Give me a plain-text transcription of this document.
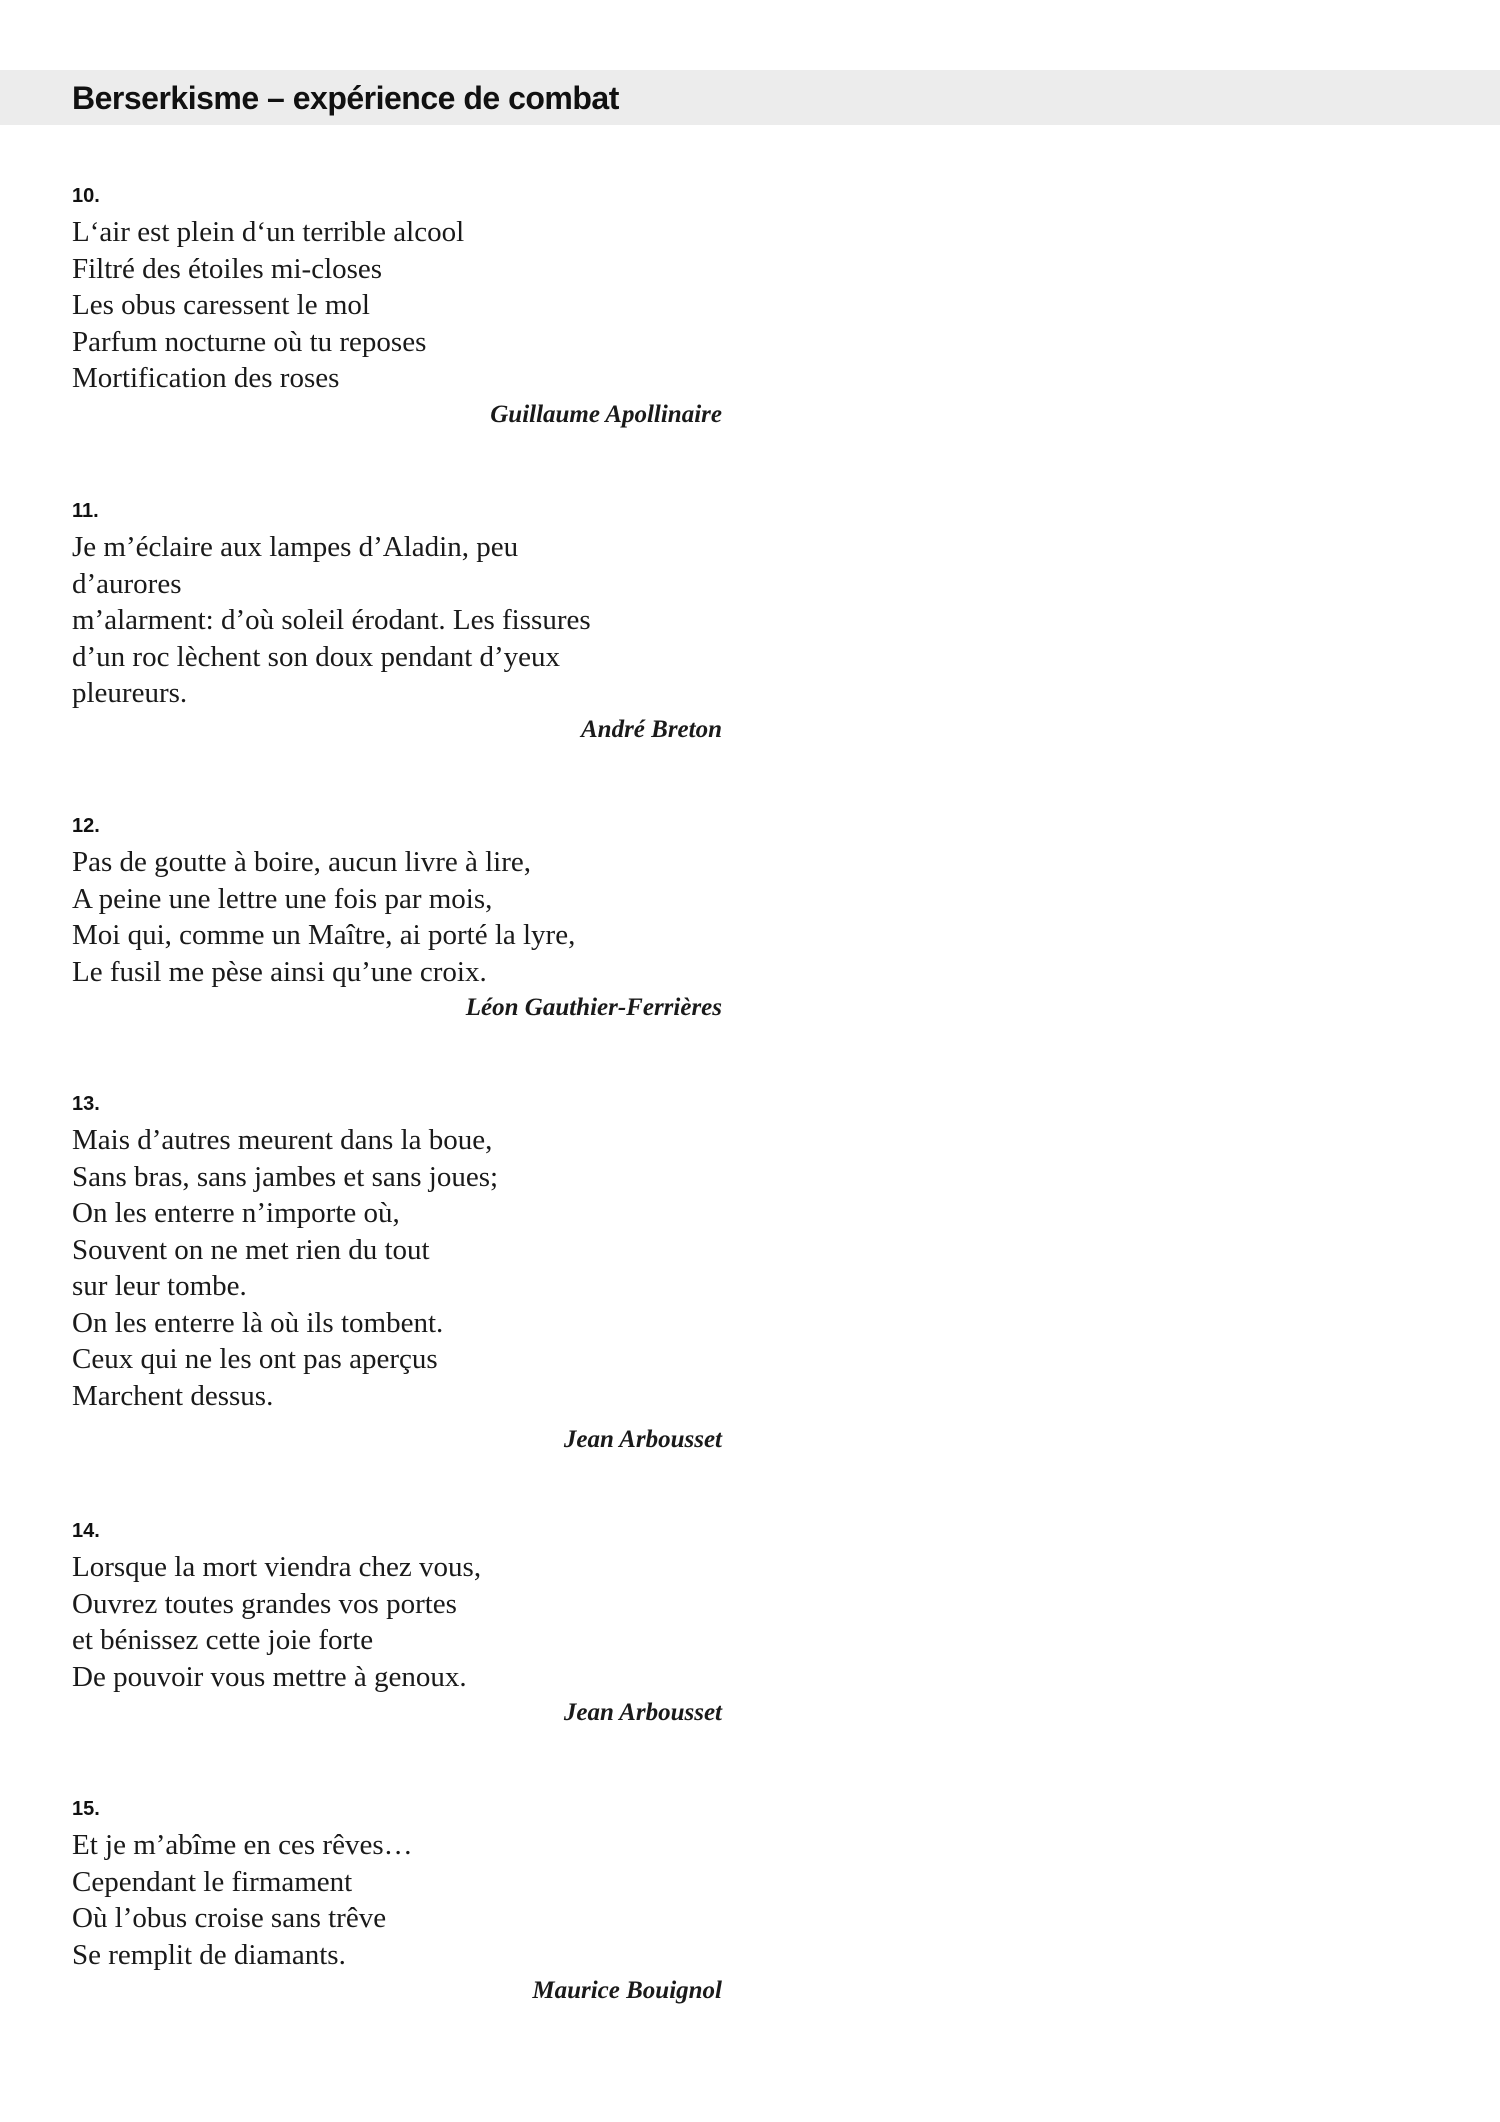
Berserkisme – expérience de combat
10.
L‘air est plein d‘un terrible alcool
Filtré des étoiles mi-closes
Les obus caressent le mol
Parfum nocturne où tu reposes
Mortification des roses
Guillaume Apollinaire
11.
Je m’éclaire aux lampes d’Aladin, peu
d’aurores
m’alarment: d’où soleil érodant. Les fissures
d’un roc lèchent son doux pendant d’yeux
pleureurs.
André Breton
12.
Pas de goutte à boire, aucun livre à lire,
A peine une lettre une fois par mois,
Moi qui, comme un Maître, ai porté la lyre,
Le fusil me pèse ainsi qu’une croix.
Léon Gauthier-Ferrières
13.
Mais d’autres meurent dans la boue,
Sans bras, sans jambes et sans joues;
On les enterre n’importe où,
Souvent on ne met rien du tout
sur leur tombe.
On les enterre là où ils tombent.
Ceux qui ne les ont pas aperçus
Marchent dessus.
Jean Arbousset
14.
Lorsque la mort viendra chez vous,
Ouvrez toutes grandes vos portes
et bénissez cette joie forte
De pouvoir vous mettre à genoux.
Jean Arbousset
15.
Et je m’abîme en ces rêves…
Cependant le firmament
Où l’obus croise sans trêve
Se remplit de diamants.
Maurice Bouignol
